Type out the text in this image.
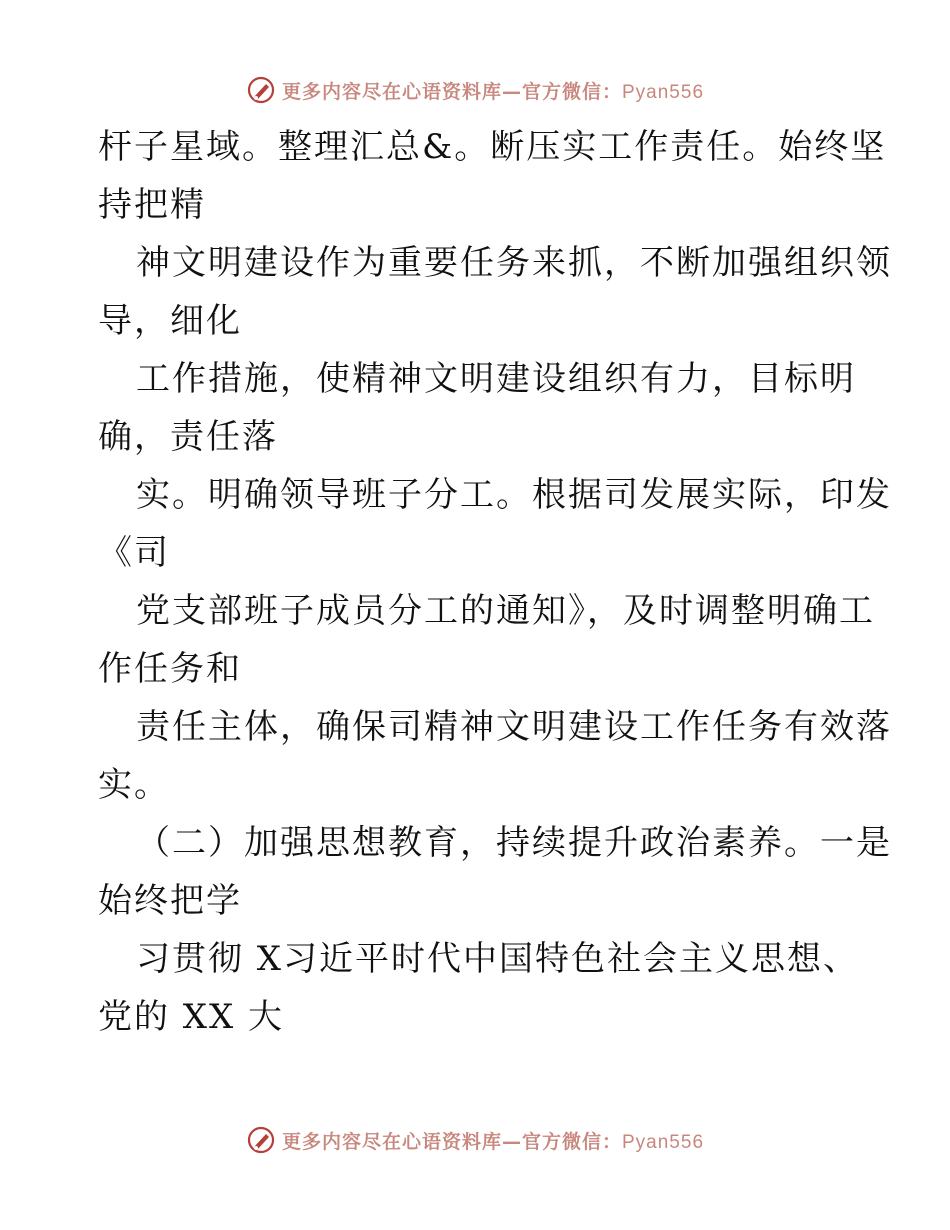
更多内容尽在心语资料库—官方微信：Pyan556
杆子星域。整理汇总&。断压实工作责任。始终坚
持把精
神文明建设作为重要任务来抓，不断加强组织领
导，细化
工作措施，使精神文明建设组织有力，目标明
确，责任落
实。明确领导班子分工。根据司发展实际，印发
《司
党支部班子成员分工的通知》，及时调整明确工
作任务和
责任主体，确保司精神文明建设工作任务有效落
实。
（二）加强思想教育，持续提升政治素养。一是
始终把学
习贯彻 X习近平时代中国特色社会主义思想、
党的 XX 大
更多内容尽在心语资料库—官方微信：Pyan556
